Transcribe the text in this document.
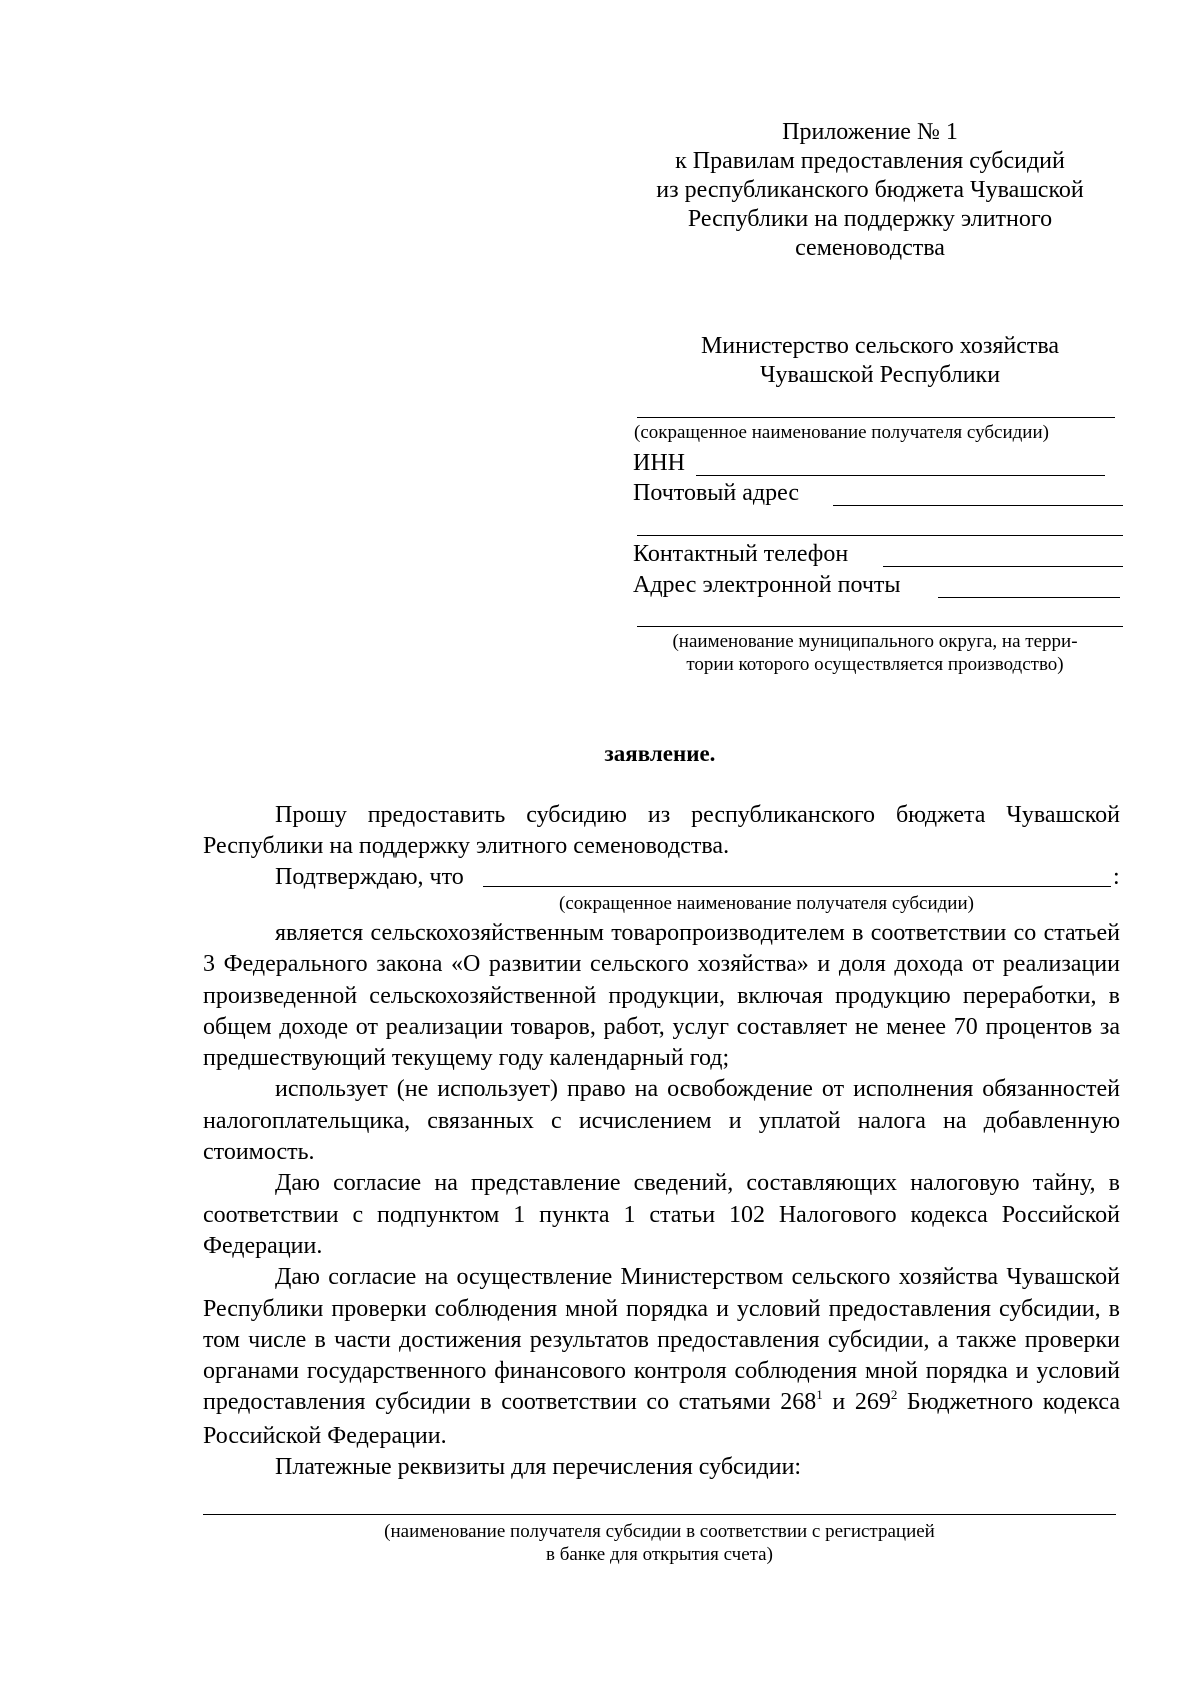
Приложение № 1
к Правилам предоставления субсидий
из республиканского бюджета Чувашской
Республики на поддержку элитного
семеноводства
Министерство сельского хозяйства
Чувашской Республики
(сокращенное наименование получателя субсидии)
ИНН
Почтовый адрес
Контактный телефон
Адрес электронной почты
(наименование муниципального округа, на терри-
тории которого осуществляется производство)
заявление.

Прошу предоставить субсидию из республиканского бюджета Чувашской Республики на поддержку элитного семеноводства.

Подтверждаю, что	:
(сокращенное наименование получателя субсидии)

является сельскохозяйственным товаропроизводителем в соответствии со статьей 3 Федерального закона «О развитии сельского хозяйства» и доля дохода от реализации произведенной сельскохозяйственной продукции, включая продукцию переработки, в общем доходе от реализации товаров, работ, услуг составляет не менее 70 процентов за предшествующий текущему году календарный год;

использует (не использует) право на освобождение от исполнения обязанностей налогоплательщика, связанных с исчислением и уплатой налога на добавленную стоимость.

Даю согласие на представление сведений, составляющих налоговую тайну, в соответствии с подпунктом 1 пункта 1 статьи 102 Налогового кодекса Российской Федерации.

Даю согласие на осуществление Министерством сельского хозяйства Чувашской Республики проверки соблюдения мной порядка и условий предоставления субсидии, в том числе в части достижения результатов предоставления субсидии, а также проверки органами государственного финансового контроля соблюдения мной порядка и условий предоставления субсидии в соответствии со статьями $268^1$ и $269^2$ Бюджетного кодекса Российской Федерации.

Платежные реквизиты для перечисления субсидии:

(наименование получателя субсидии в соответствии с регистрацией
в банке для открытия счета)
